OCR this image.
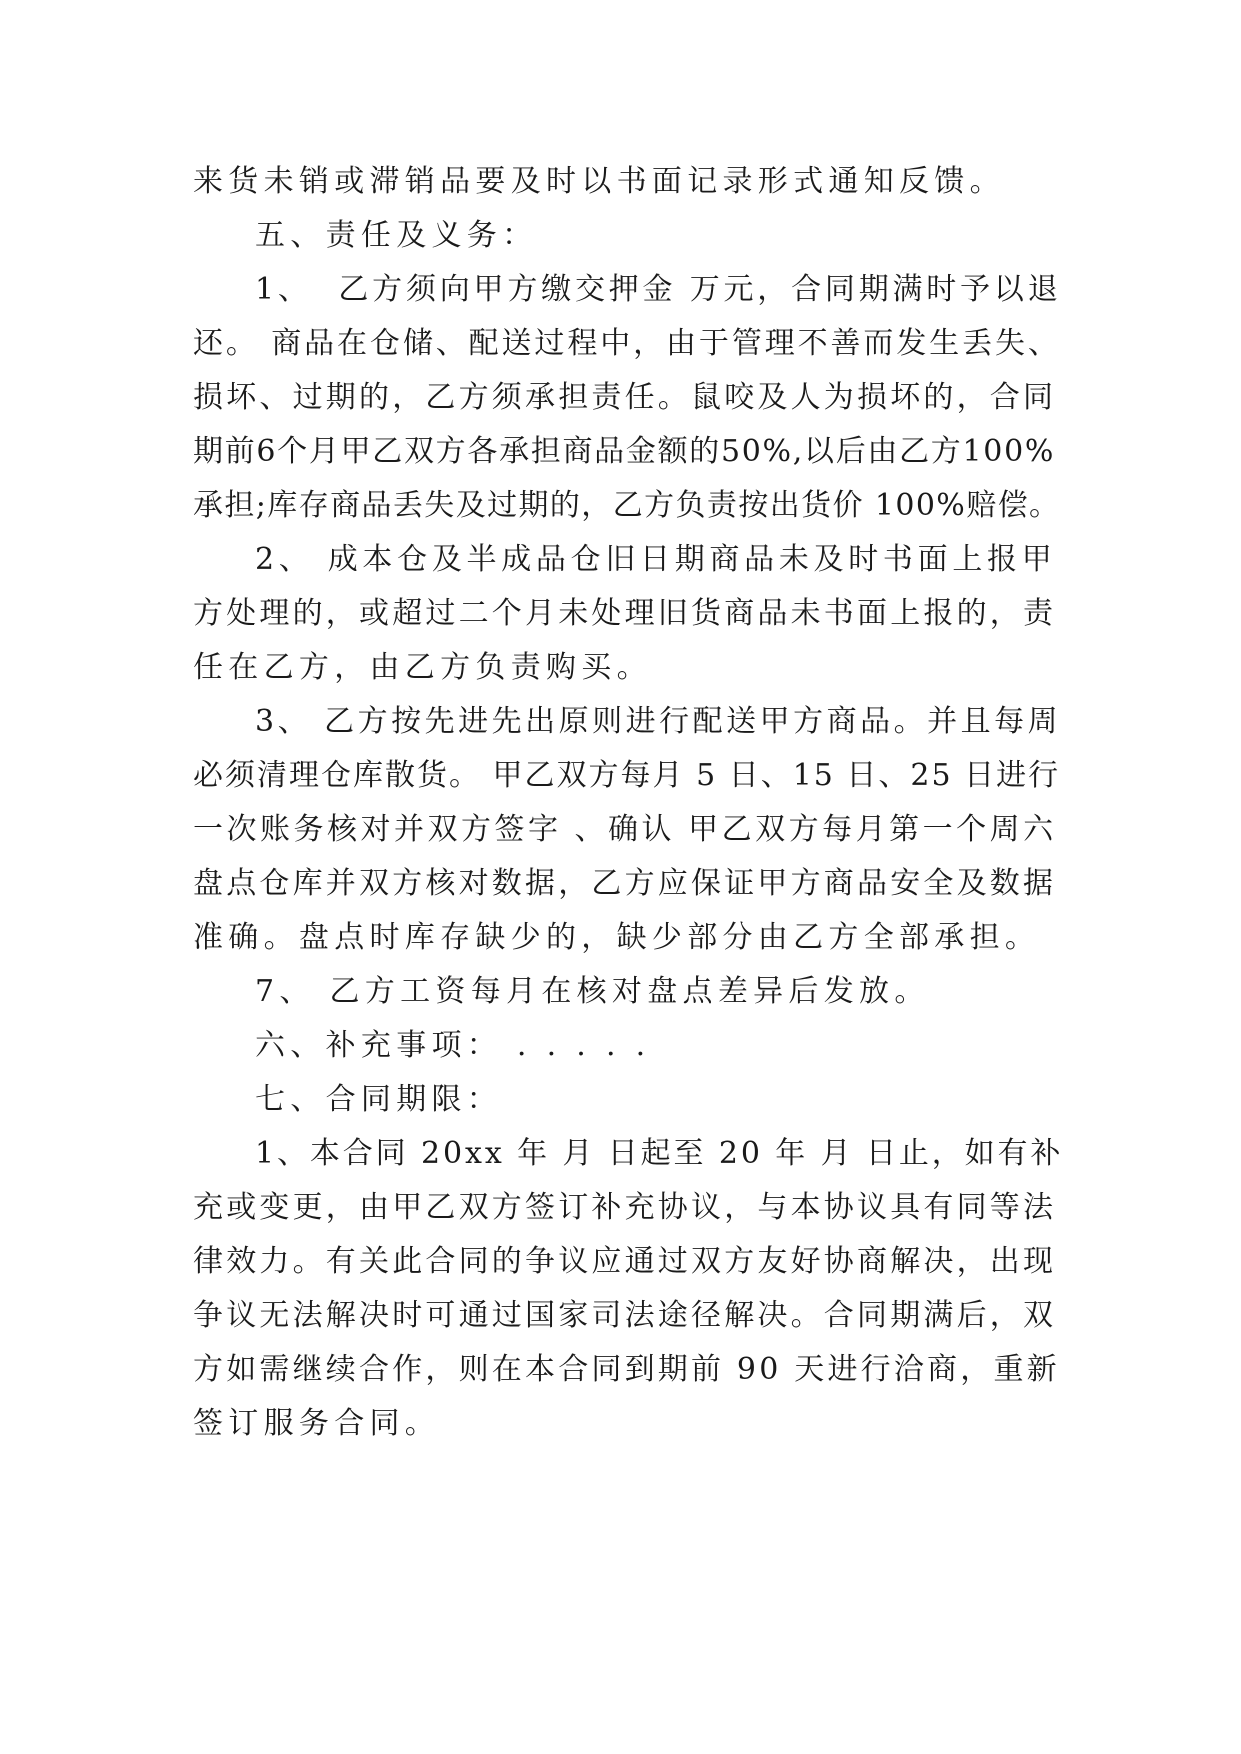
来货未销或滞销品要及时以书面记录形式通知反馈。
五、责任及义务：
1、  乙方须向甲方缴交押金 万元，合同期满时予以退
还。 商品在仓储、配送过程中，由于管理不善而发生丢失、
损坏、过期的，乙方须承担责任。鼠咬及人为损坏的，合同
期前6个月甲乙双方各承担商品金额的50%,以后由乙方100%
承担;库存商品丢失及过期的，乙方负责按出货价 100%赔偿。
2、 成本仓及半成品仓旧日期商品未及时书面上报甲
方处理的，或超过二个月未处理旧货商品未书面上报的，责
任在乙方，由乙方负责购买。
3、 乙方按先进先出原则进行配送甲方商品。并且每周
必须清理仓库散货。 甲乙双方每月 5 日、15 日、25 日进行
一次账务核对并双方签字 、确认 甲乙双方每月第一个周六
盘点仓库并双方核对数据，乙方应保证甲方商品安全及数据
准确。盘点时库存缺少的，缺少部分由乙方全部承担。
7、 乙方工资每月在核对盘点差异后发放。
六、补充事项： . . . . .
七、合同期限：
1、本合同 20xx 年 月 日起至 20 年 月 日止，如有补
充或变更，由甲乙双方签订补充协议，与本协议具有同等法
律效力。有关此合同的争议应通过双方友好协商解决，出现
争议无法解决时可通过国家司法途径解决。合同期满后，双
方如需继续合作，则在本合同到期前 90 天进行洽商，重新
签订服务合同。
